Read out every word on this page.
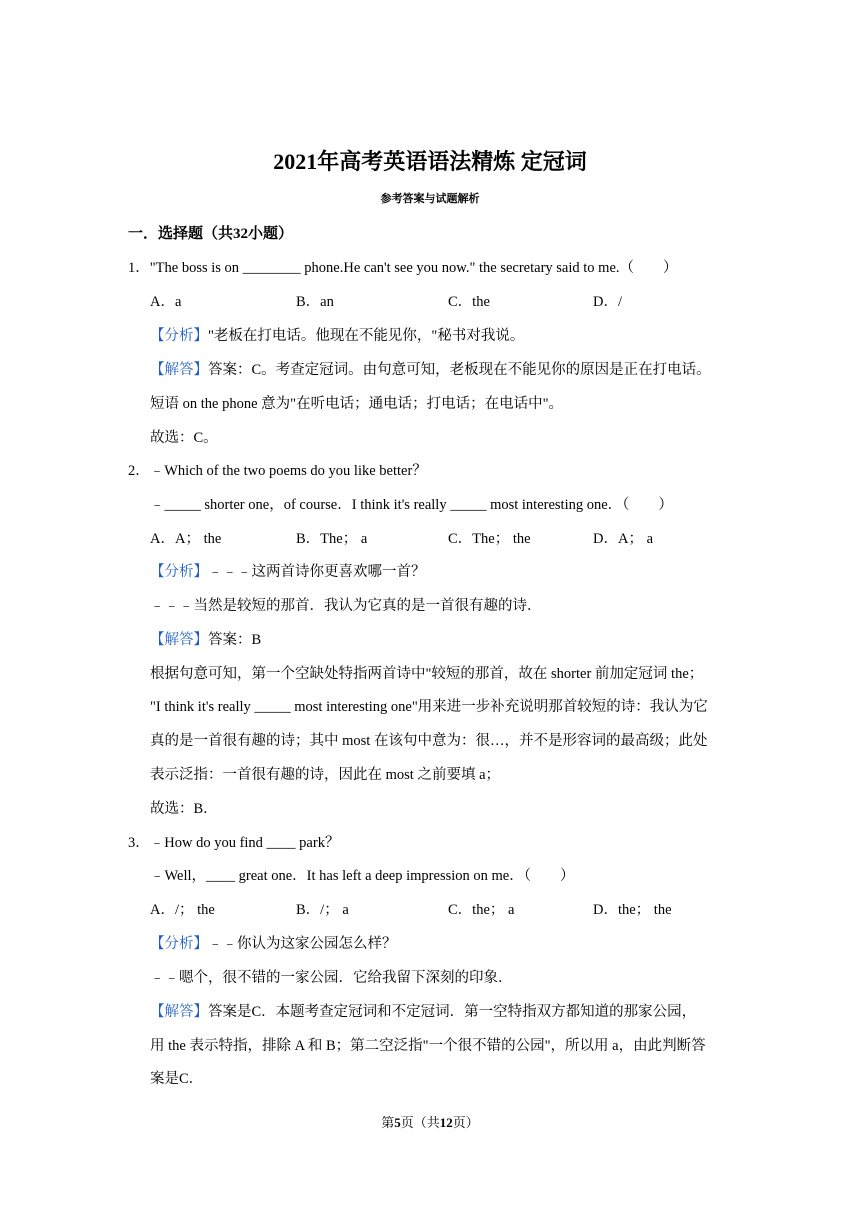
2021年高考英语语法精炼 定冠词
参考答案与试题解析
一．选择题（共32小题）
1．"The boss is on ________ phone.He can't see you now." the secretary said to me.（　　）
A．a	B．an	C．the	D．/
【分析】"老板在打电话。他现在不能见你，"秘书对我说。
【解答】答案：C。考查定冠词。由句意可知，老板现在不能见你的原因是正在打电话。
短语 on the phone 意为"在听电话；通电话；打电话；在电话中"。
故选：C。
2．﹣Which of the two poems do you like better？
﹣_____ shorter one，of course．I think it's really _____ most interesting one．（　　）
A．A； the	B．The； a	C．The； the	D．A； a
【分析】﹣﹣﹣这两首诗你更喜欢哪一首？
﹣﹣﹣当然是较短的那首．我认为它真的是一首很有趣的诗．
【解答】答案：B
根据句意可知，第一个空缺处特指两首诗中"较短的那首，故在 shorter 前加定冠词 the；
"I think it's really _____ most interesting one"用来进一步补充说明那首较短的诗：我认为它
真的是一首很有趣的诗；其中 most 在该句中意为：很…，并不是形容词的最高级；此处
表示泛指：一首很有趣的诗，因此在 most 之前要填 a；
故选：B．
3．﹣How do you find ____ park？
﹣Well，____ great one．It has left a deep impression on me．（　　）
A．/； the	B．/； a	C．the； a	D．the； the
【分析】﹣﹣你认为这家公园怎么样？
﹣﹣嗯个，很不错的一家公园．它给我留下深刻的印象．
【解答】答案是C．本题考查定冠词和不定冠词．第一空特指双方都知道的那家公园，
用 the 表示特指，排除 A 和 B；第二空泛指"一个很不错的公园"，所以用 a，由此判断答
案是C．
第5页（共12页）
